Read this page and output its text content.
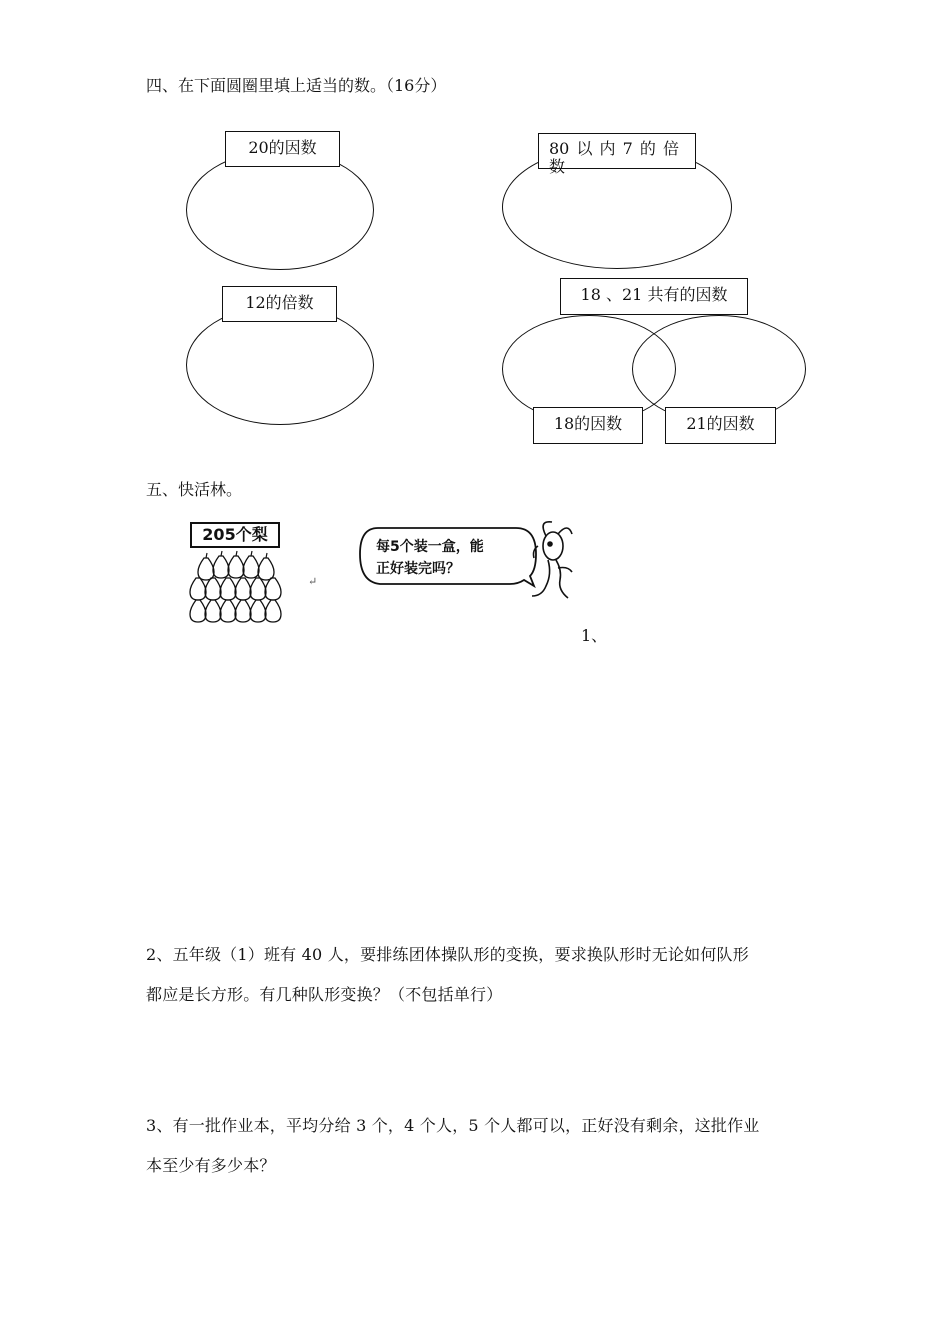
四、在下面圆圈里填上适当的数。（16分）
20的因数	80 以 内 7 的 倍数
12的倍数	18 、21 共有的因数
18的因数	21的因数
五、快活林。
205个梨
↵
每5个装一盒，能
正好装完吗？
1、
2、五年级（1）班有 40 人，要排练团体操队形的变换，要求换队形时无论如何队形
都应是长方形。有几种队形变换？（不包括单行）
3、有一批作业本，平均分给 3 个，4 个人，5 个人都可以，正好没有剩余，这批作业
本至少有多少本？
